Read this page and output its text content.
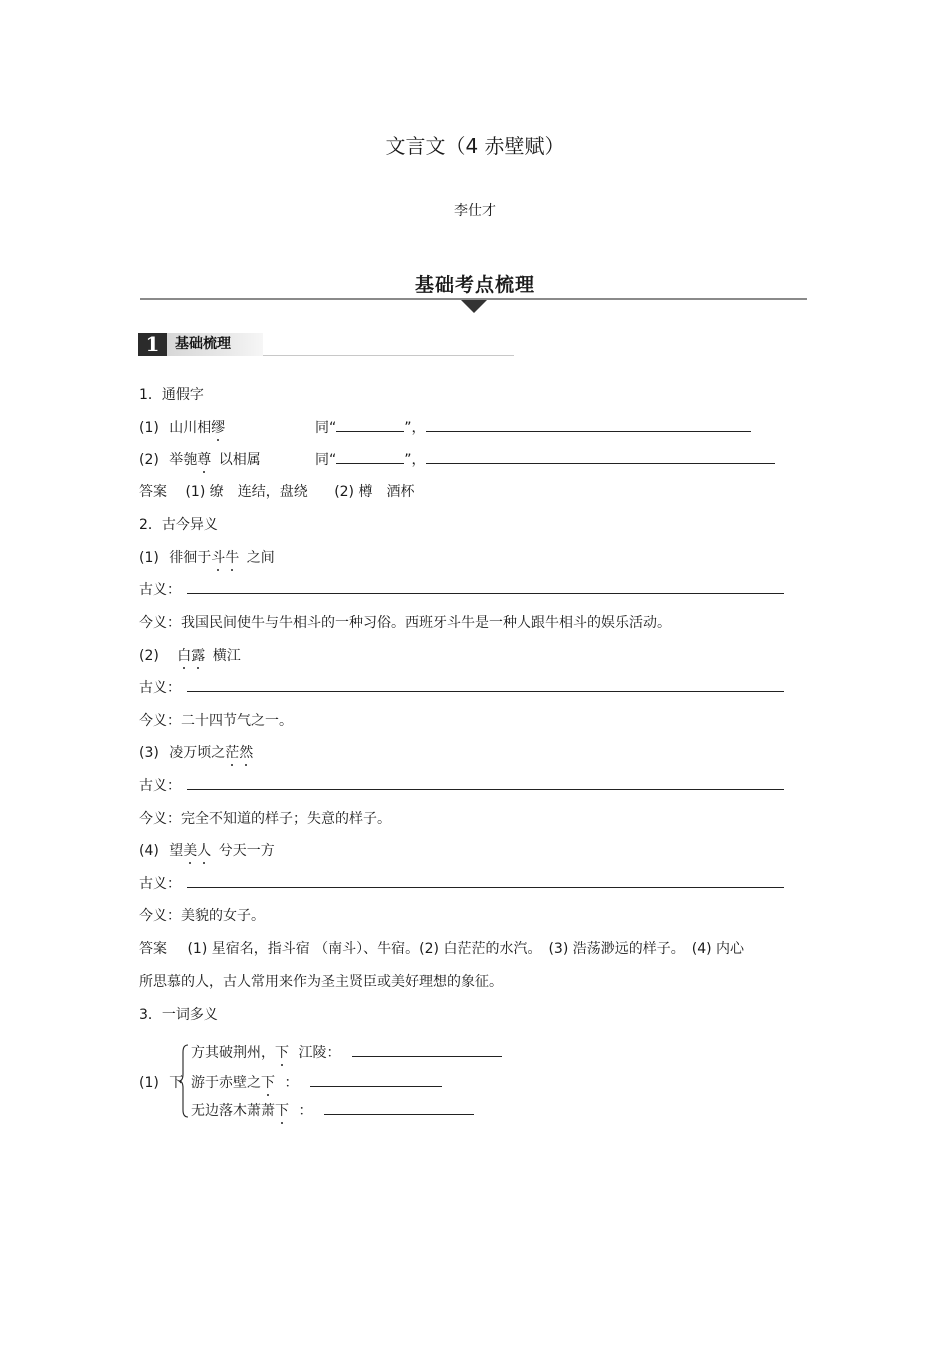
文言文（4 赤壁赋）
李仕才
基础考点梳理
1	基础梳理
1．通假字
(1) 山川相缪	同“	”，
(2) 举匏尊 以相属	同“	”，
答案 (1) 缭　连结，盘绕 (2) 樽　酒杯
2．古今异义
(1) 徘徊于斗牛 之间
古义：
今义：我国民间使牛与牛相斗的一种习俗。西班牙斗牛是一种人跟牛相斗的娱乐活动。
(2) 白露 横江
古义：
今义：二十四节气之一。
(3) 凌万顷之茫然
古义：
今义：完全不知道的样子；失意的样子。
(4) 望美人 兮天一方
古义：
今义：美貌的女子。
答案 (1) 星宿名，指斗宿 （南斗）、牛宿。(2) 白茫茫的水汽。　(3) 浩荡渺远的样子。　(4) 内心
所思慕的人，古人常用来作为圣主贤臣或美好理想的象征。
3．一词多义
(1) 下
方其破荆州，下 江陵：
游于赤壁之下 ：
无边落木萧萧下 ：
